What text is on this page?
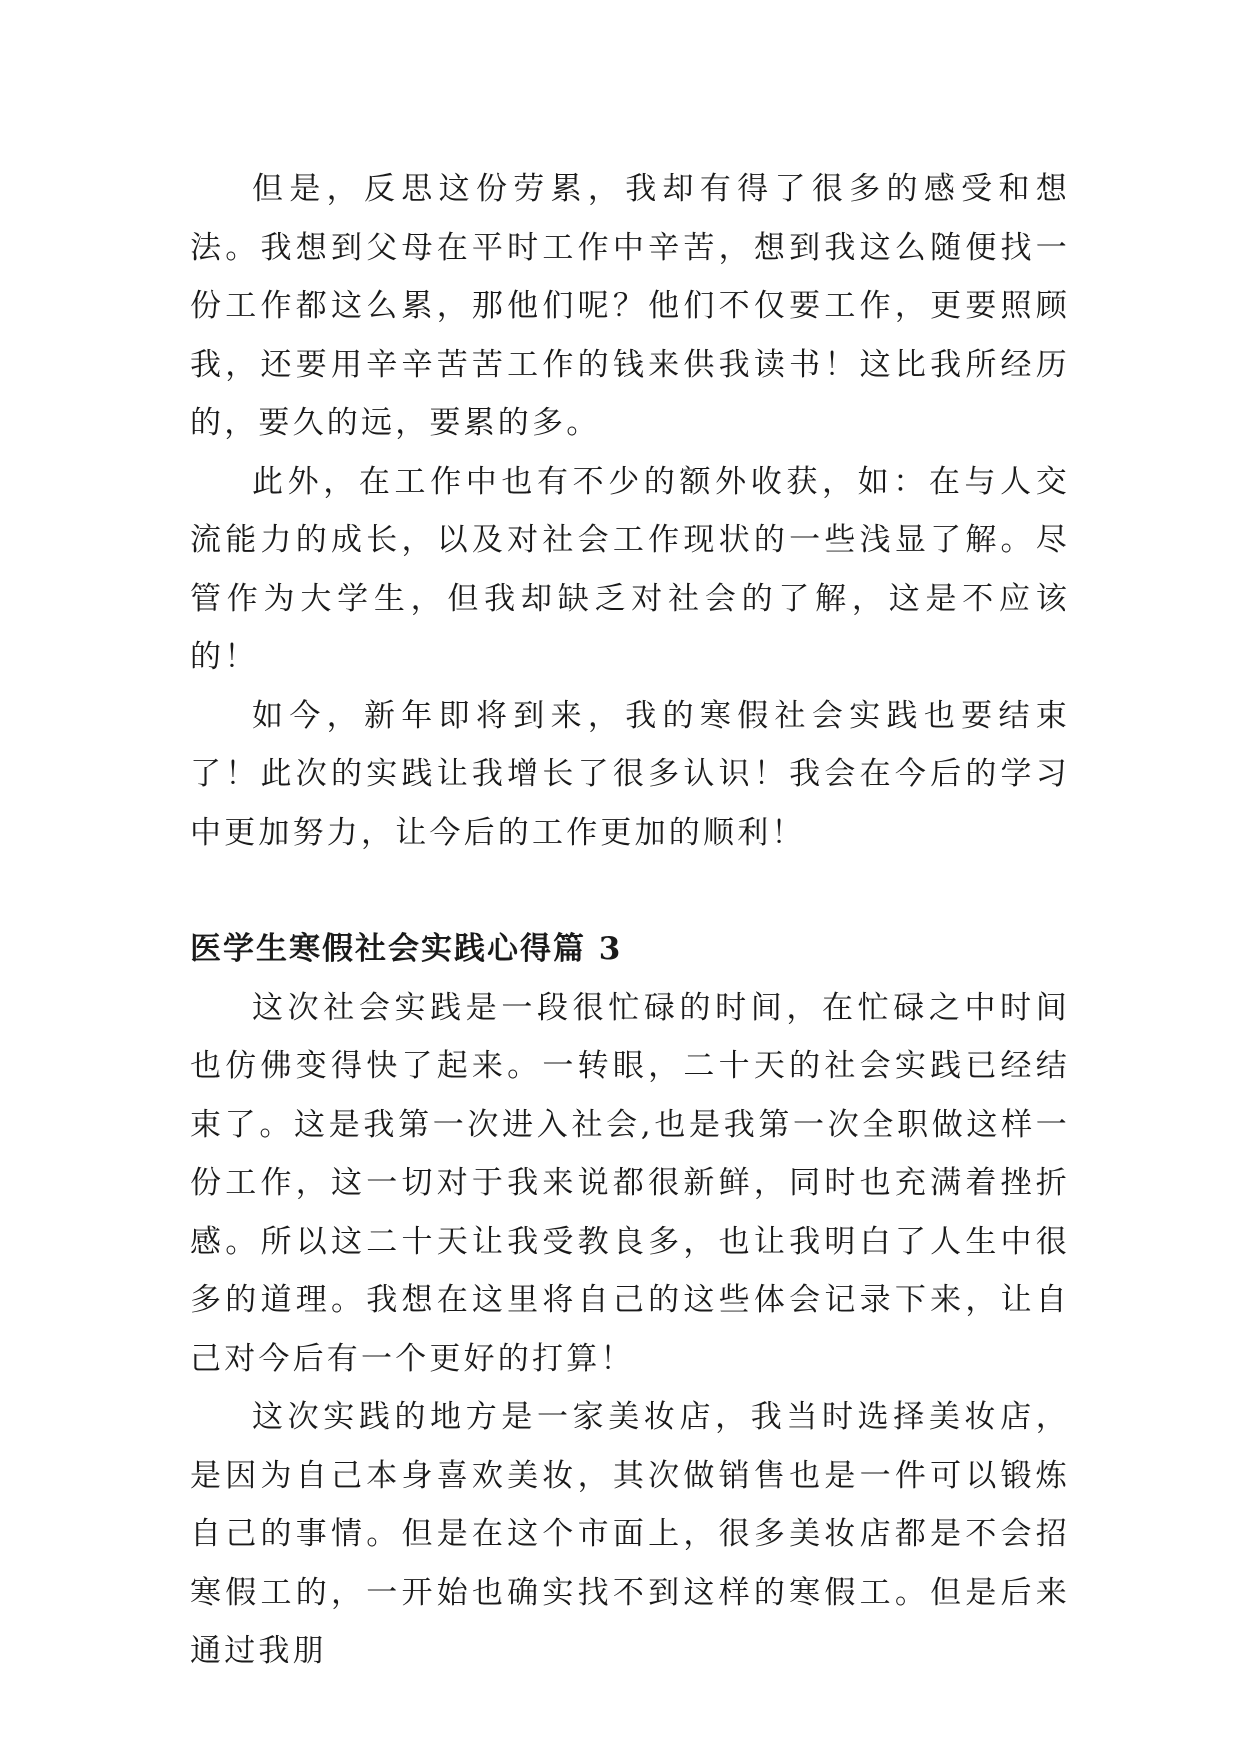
但是，反思这份劳累，我却有得了很多的感受和想法。我想到父母在平时工作中辛苦，想到我这么随便找一份工作都这么累，那他们呢？他们不仅要工作，更要照顾我，还要用辛辛苦苦工作的钱来供我读书！这比我所经历的，要久的远，要累的多。

此外，在工作中也有不少的额外收获，如：在与人交流能力的成长，以及对社会工作现状的一些浅显了解。尽管作为大学生，但我却缺乏对社会的了解，这是不应该的！

如今，新年即将到来，我的寒假社会实践也要结束了！此次的实践让我增长了很多认识！我会在今后的学习中更加努力，让今后的工作更加的顺利！

医学生寒假社会实践心得篇 3

这次社会实践是一段很忙碌的时间，在忙碌之中时间也仿佛变得快了起来。一转眼，二十天的社会实践已经结束了。这是我第一次进入社会,也是我第一次全职做这样一份工作，这一切对于我来说都很新鲜，同时也充满着挫折感。所以这二十天让我受教良多，也让我明白了人生中很多的道理。我想在这里将自己的这些体会记录下来，让自己对今后有一个更好的打算！

这次实践的地方是一家美妆店，我当时选择美妆店，是因为自己本身喜欢美妆，其次做销售也是一件可以锻炼自己的事情。但是在这个市面上，很多美妆店都是不会招寒假工的，一开始也确实找不到这样的寒假工。但是后来通过我朋
